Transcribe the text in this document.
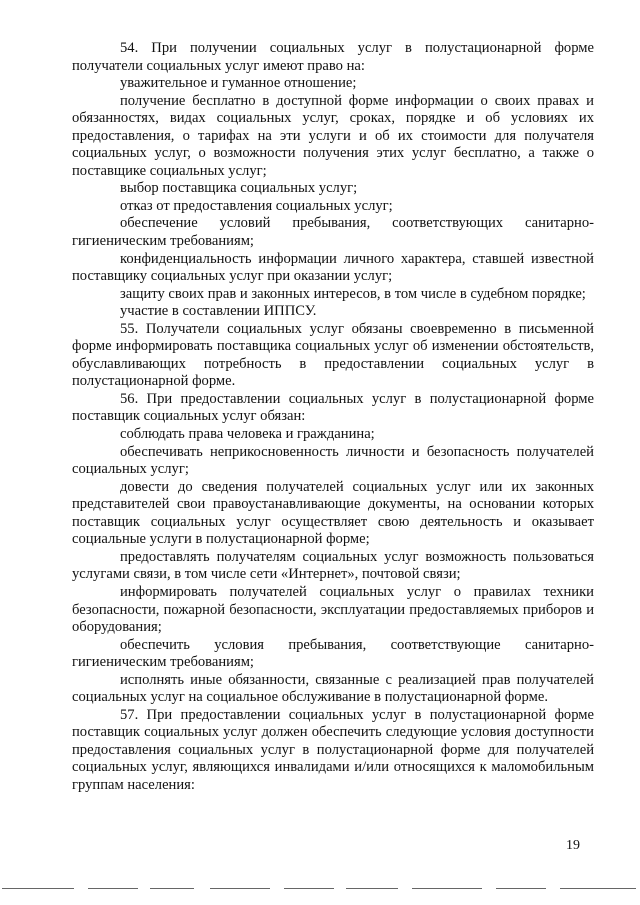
54. При получении социальных услуг в полустационарной форме получатели социальных услуг имеют право на:

уважительное и гуманное отношение;

получение бесплатно в доступной форме информации о своих правах и обязанностях, видах социальных услуг, сроках, порядке и об условиях их предоставления, о тарифах на эти услуги и об их стоимости для получателя социальных услуг, о возможности получения этих услуг бесплатно, а также о поставщике социальных услуг;

выбор поставщика социальных услуг;

отказ от предоставления социальных услуг;

обеспечение условий пребывания, соответствующих санитарно-гигиеническим требованиям;

конфиденциальность информации личного характера, ставшей известной поставщику социальных услуг при оказании услуг;

защиту своих прав и законных интересов, в том числе в судебном порядке;

участие в составлении ИППСУ.

55. Получатели социальных услуг обязаны своевременно в письменной форме информировать поставщика социальных услуг об изменении обстоятельств, обуславливающих потребность в предоставлении социальных услуг в полустационарной форме.

56. При предоставлении социальных услуг в полустационарной форме поставщик социальных услуг обязан:

соблюдать права человека и гражданина;

обеспечивать неприкосновенность личности и безопасность получателей социальных услуг;

довести до сведения получателей социальных услуг или их законных представителей свои правоустанавливающие документы, на основании которых поставщик социальных услуг осуществляет свою деятельность и оказывает социальные услуги в полустационарной форме;

предоставлять получателям социальных услуг возможность пользоваться услугами связи, в том числе сети «Интернет», почтовой связи;

информировать получателей социальных услуг о правилах техники безопасности, пожарной безопасности, эксплуатации предоставляемых приборов и оборудования;

обеспечить условия пребывания, соответствующие санитарно-гигиеническим требованиям;

исполнять иные обязанности, связанные с реализацией прав получателей социальных услуг на социальное обслуживание в полустационарной форме.

57. При предоставлении социальных услуг в полустационарной форме поставщик социальных услуг должен обеспечить следующие условия доступности предоставления социальных услуг в полустационарной форме для получателей социальных услуг, являющихся инвалидами и/или относящихся к маломобильным группам населения:

19
